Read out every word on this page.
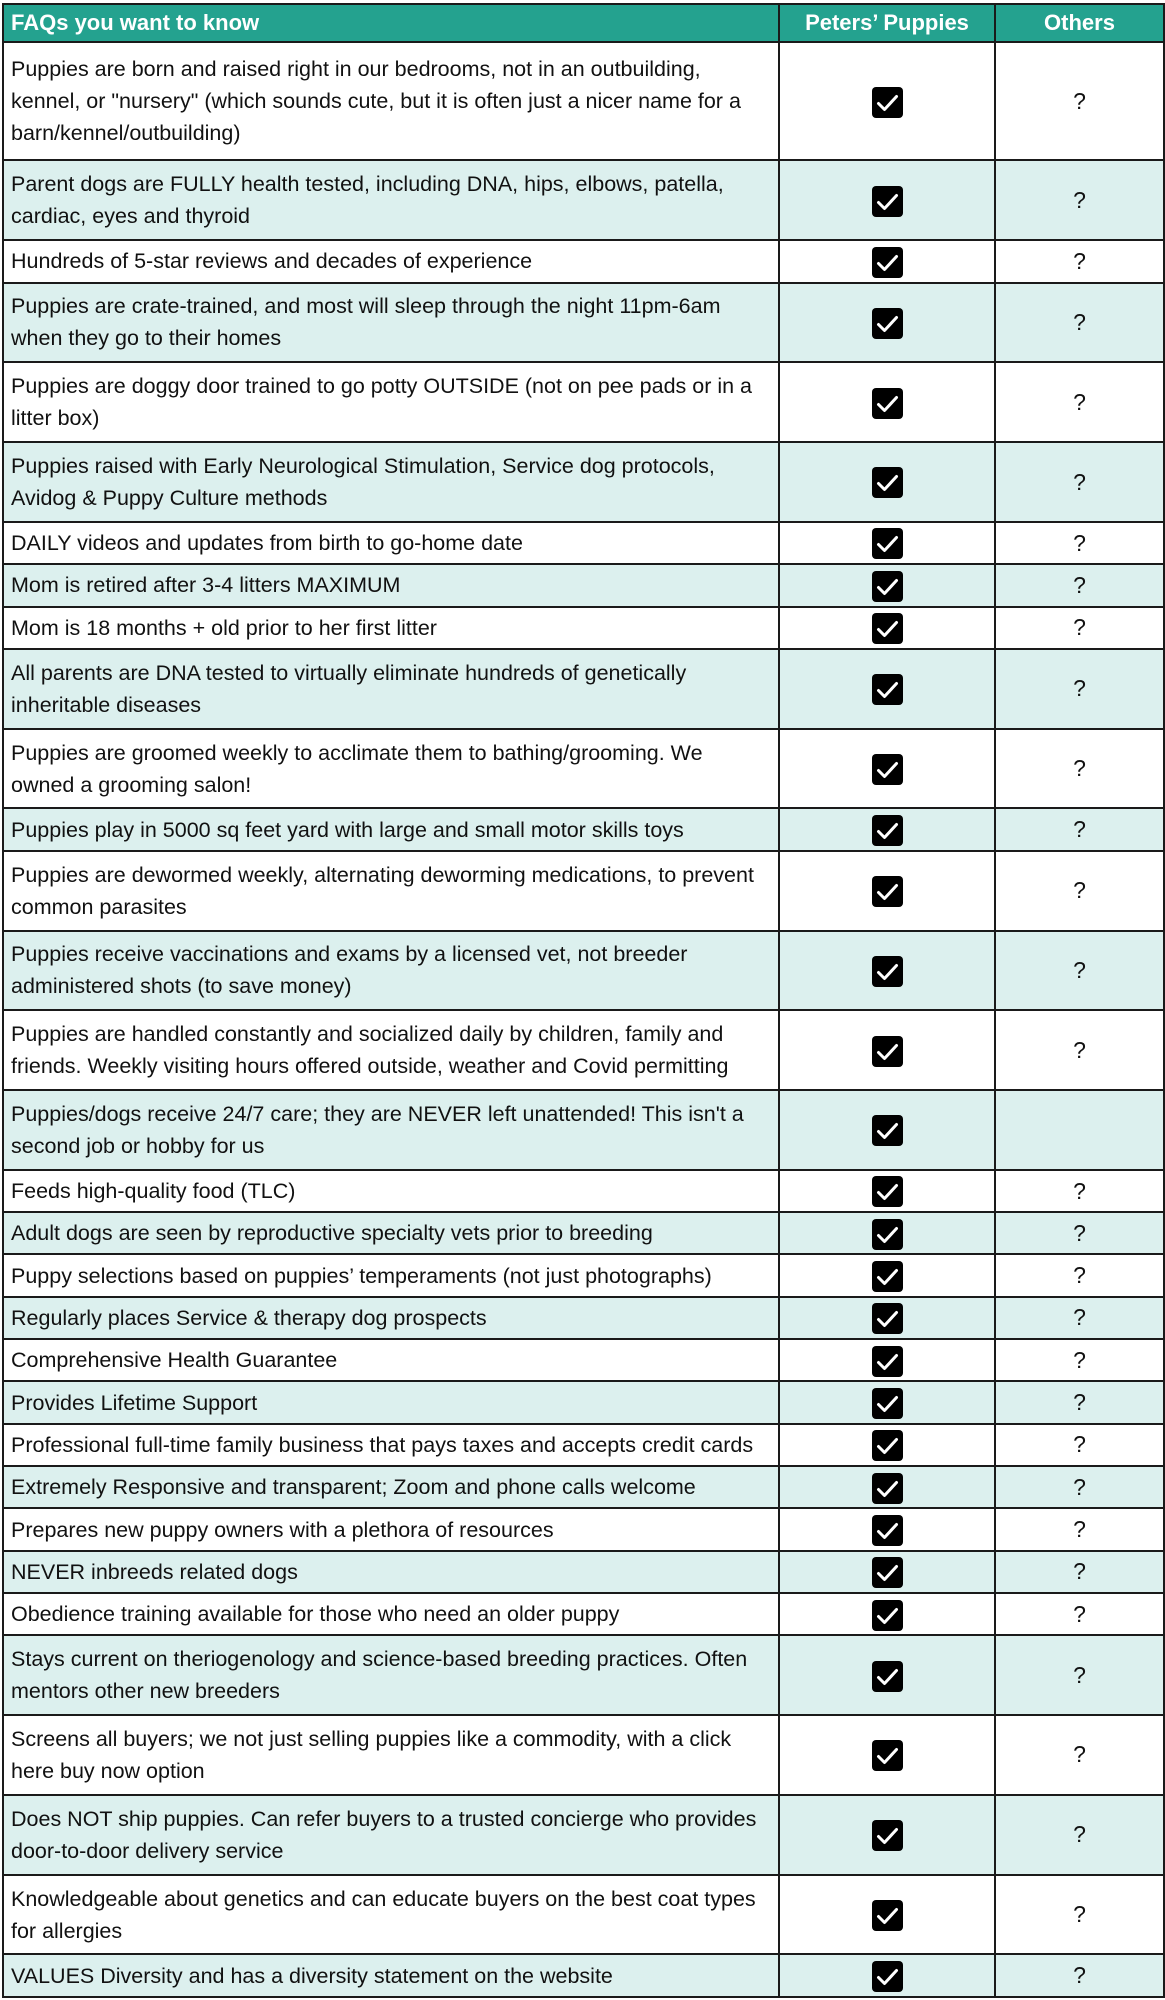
FAQs you want to know	Peters’ Puppies	Others
Puppies are born and raised right in our bedrooms, not in an outbuilding, kennel, or "nursery" (which sounds cute, but it is often just a nicer name for a barn/kennel/outbuilding)		?
Parent dogs are FULLY health tested, including DNA, hips, elbows, patella, cardiac, eyes and thyroid		?
Hundreds of 5-star reviews and decades of experience		?
Puppies are crate-trained, and most will sleep through the night 11pm-6am when they go to their homes		?
Puppies are doggy door trained to go potty OUTSIDE (not on pee pads or in a litter box)		?
Puppies raised with Early Neurological Stimulation, Service dog protocols, Avidog & Puppy Culture methods		?
DAILY videos and updates from birth to go-home date		?
Mom is retired after 3-4 litters MAXIMUM		?
Mom is 18 months + old prior to her first litter		?
All parents are DNA tested to virtually eliminate hundreds of genetically inheritable diseases		?
Puppies are groomed weekly to acclimate them to bathing/grooming. We owned a grooming salon!		?
Puppies play in 5000 sq feet yard with large and small motor skills toys		?
Puppies are dewormed weekly, alternating deworming medications, to prevent common parasites		?
Puppies receive vaccinations and exams by a licensed vet, not breeder administered shots (to save money)		?
Puppies are handled constantly and socialized daily by children, family and friends. Weekly visiting hours offered outside, weather and Covid permitting		?
Puppies/dogs receive 24/7 care; they are NEVER left unattended! This isn't a second job or hobby for us	

Feeds high-quality food (TLC)		?
Adult dogs are seen by reproductive specialty vets prior to breeding		?
Puppy selections based on puppies’ temperaments (not just photographs)		?
Regularly places Service & therapy dog prospects		?
Comprehensive Health Guarantee		?
Provides Lifetime Support		?
Professional full-time family business that pays taxes and accepts credit cards		?
Extremely Responsive and transparent; Zoom and phone calls welcome		?
Prepares new puppy owners with a plethora of resources		?
NEVER inbreeds related dogs		?
Obedience training available for those who need an older puppy		?
Stays current on theriogenology and science-based breeding practices. Often mentors other new breeders		?
Screens all buyers; we not just selling puppies like a commodity, with a click here buy now option		?
Does NOT ship puppies. Can refer buyers to a trusted concierge who provides door-to-door delivery service		?
Knowledgeable about genetics and can educate buyers on the best coat types for allergies		?
VALUES Diversity and has a diversity statement on the website		?
